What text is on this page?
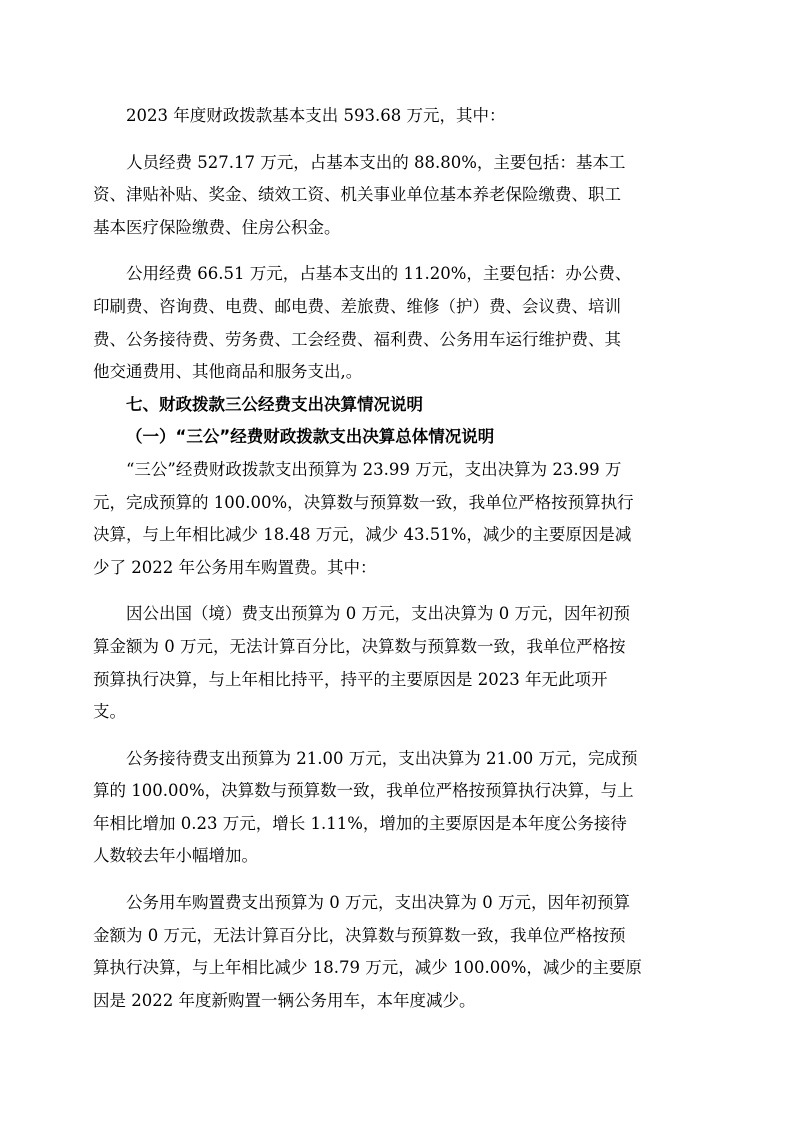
2023 年度财政拨款基本支出 593.68 万元，其中：

人员经费 527.17 万元，占基本支出的 88.80%，主要包括：基本工
资、津贴补贴、奖金、绩效工资、机关事业单位基本养老保险缴费、职工
基本医疗保险缴费、住房公积金。

公用经费 66.51 万元，占基本支出的 11.20%，主要包括：办公费、
印刷费、咨询费、电费、邮电费、差旅费、维修（护）费、会议费、培训
费、公务接待费、劳务费、工会经费、福利费、公务用车运行维护费、其
他交通费用、其他商品和服务支出,。

七、财政拨款三公经费支出决算情况说明

（一）“三公”经费财政拨款支出决算总体情况说明

“三公”经费财政拨款支出预算为 23.99 万元，支出决算为 23.99 万
元，完成预算的 100.00%，决算数与预算数一致，我单位严格按预算执行
决算，与上年相比减少 18.48 万元，减少 43.51%，减少的主要原因是减
少了 2022 年公务用车购置费。其中：

因公出国（境）费支出预算为 0 万元，支出决算为 0 万元，因年初预
算金额为 0 万元，无法计算百分比，决算数与预算数一致，我单位严格按
预算执行决算，与上年相比持平，持平的主要原因是 2023 年无此项开
支。

公务接待费支出预算为 21.00 万元，支出决算为 21.00 万元，完成预
算的 100.00%，决算数与预算数一致，我单位严格按预算执行决算，与上
年相比增加 0.23 万元，增长 1.11%，增加的主要原因是本年度公务接待
人数较去年小幅增加。

公务用车购置费支出预算为 0 万元，支出决算为 0 万元，因年初预算
金额为 0 万元，无法计算百分比，决算数与预算数一致，我单位严格按预
算执行决算，与上年相比减少 18.79 万元，减少 100.00%，减少的主要原
因是 2022 年度新购置一辆公务用车，本年度减少。
